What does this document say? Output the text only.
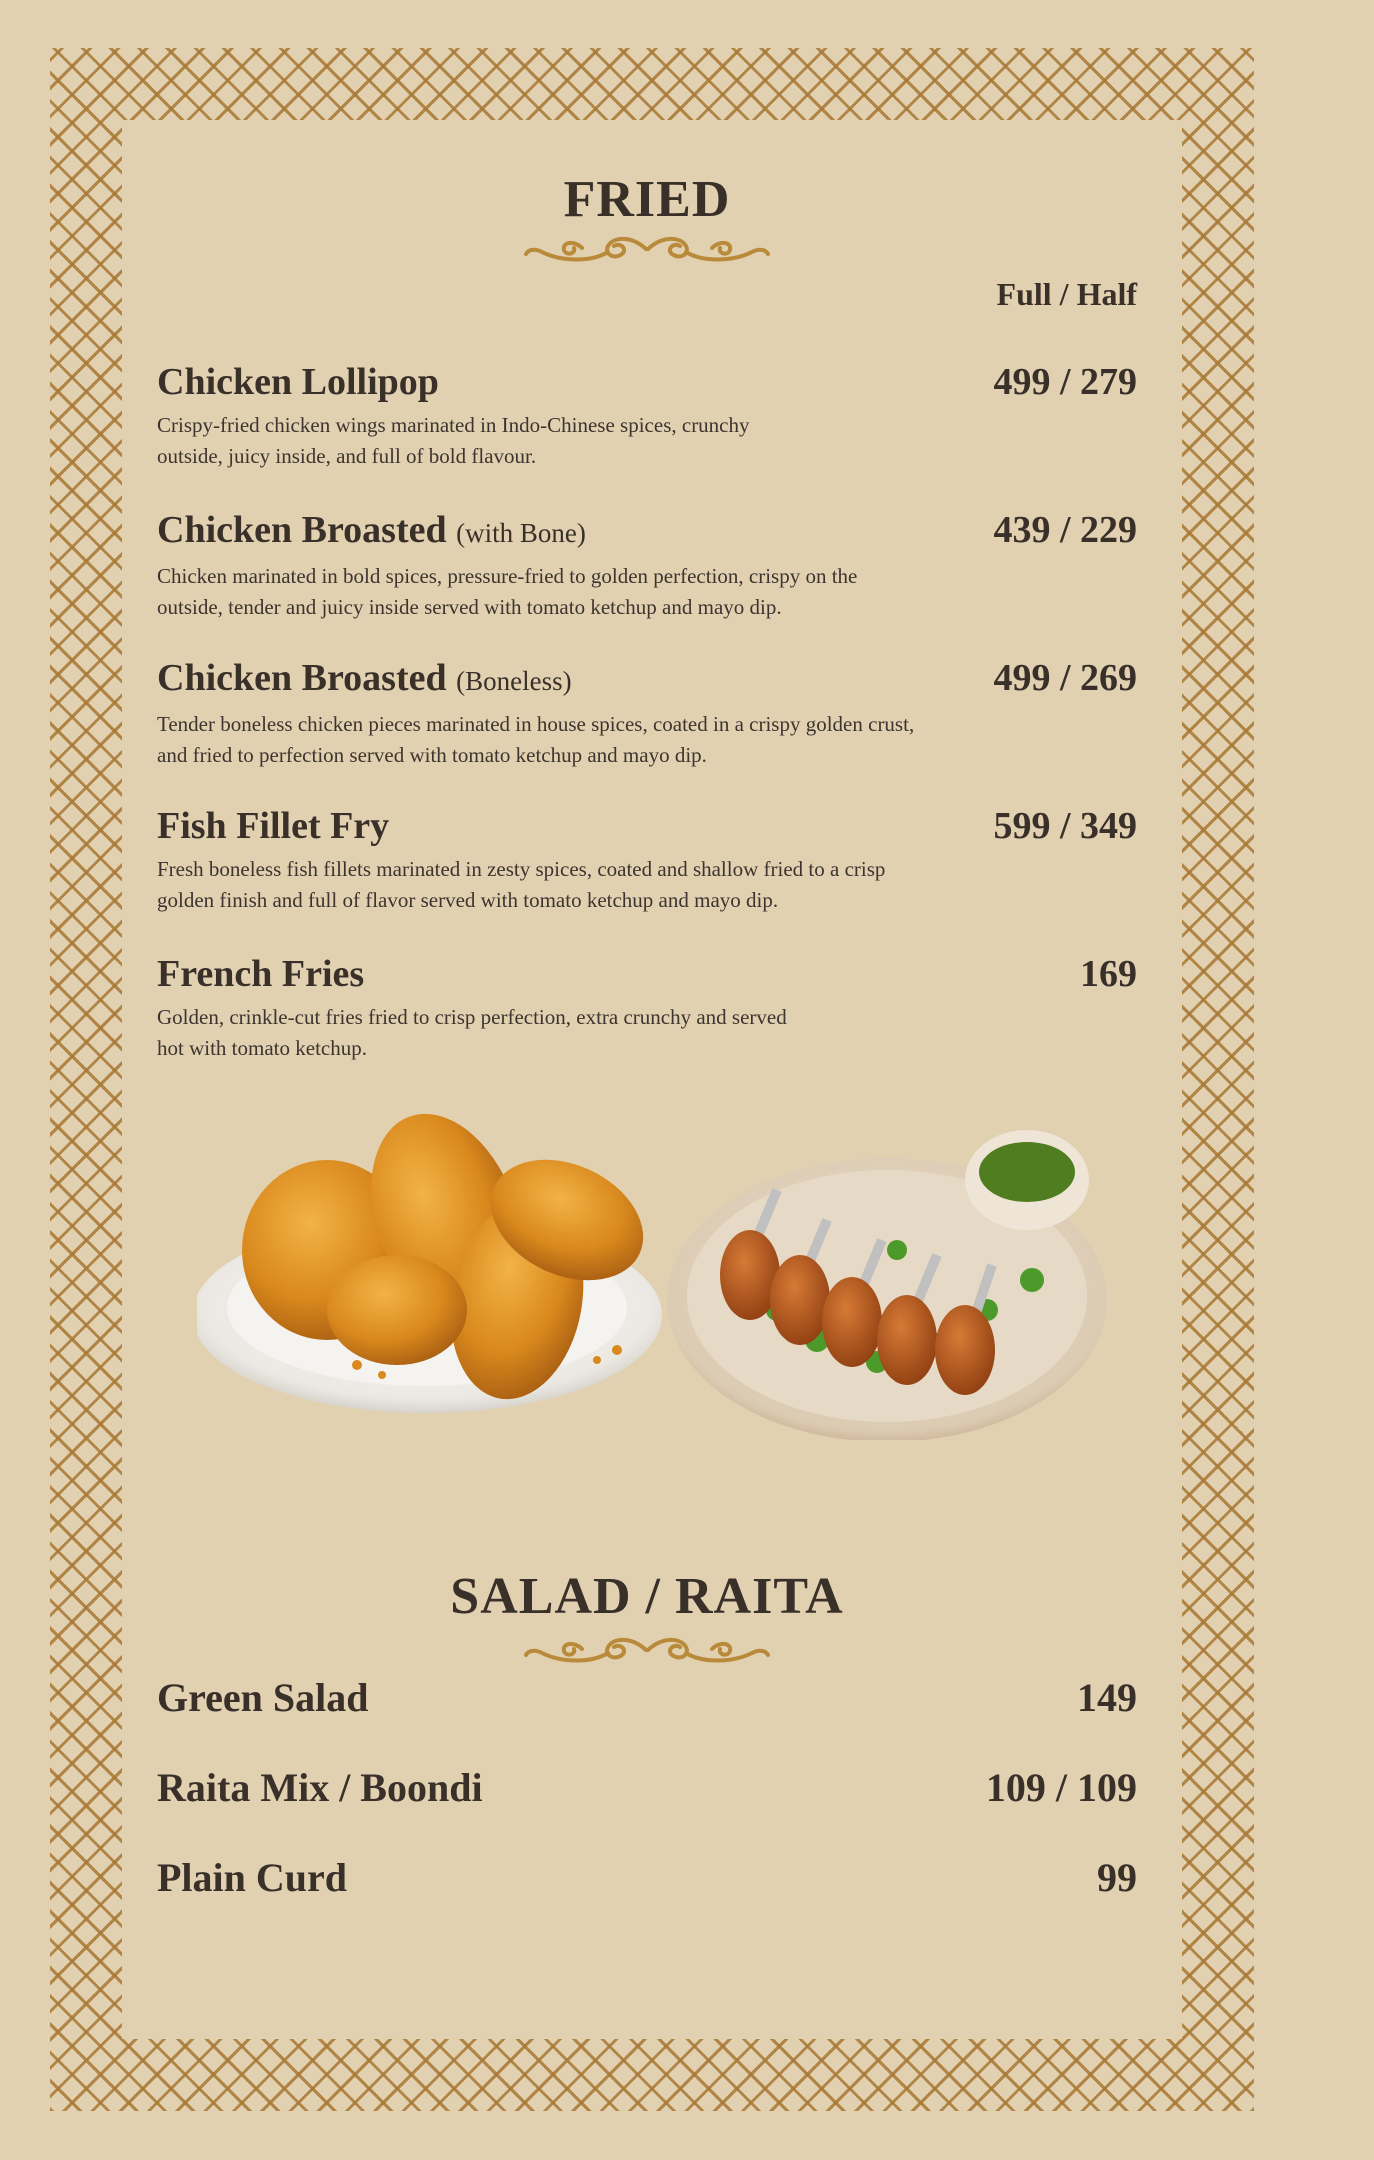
FRIED
Full / Half
Chicken Lollipop	499 / 279
Crispy-fried chicken wings marinated in Indo-Chinese spices, crunchy outside, juicy inside, and full of bold flavour.
Chicken Broasted (with Bone)	439 / 229
Chicken marinated in bold spices, pressure-fried to golden perfection, crispy on the outside, tender and juicy inside served with tomato ketchup and mayo dip.
Chicken Broasted (Boneless)	499 / 269
Tender boneless chicken pieces marinated in house spices, coated in a crispy golden crust, and fried to perfection served with tomato ketchup and mayo dip.
Fish Fillet Fry	599 / 349
Fresh boneless fish fillets marinated in zesty spices, coated and shallow fried to a crisp golden finish and full of flavor served with tomato ketchup and mayo dip.
French Fries	169
Golden, crinkle-cut fries fried to crisp perfection, extra crunchy and served hot with tomato ketchup.
SALAD / RAITA
Green Salad	149
Raita Mix / Boondi	109 / 109
Plain Curd	99
